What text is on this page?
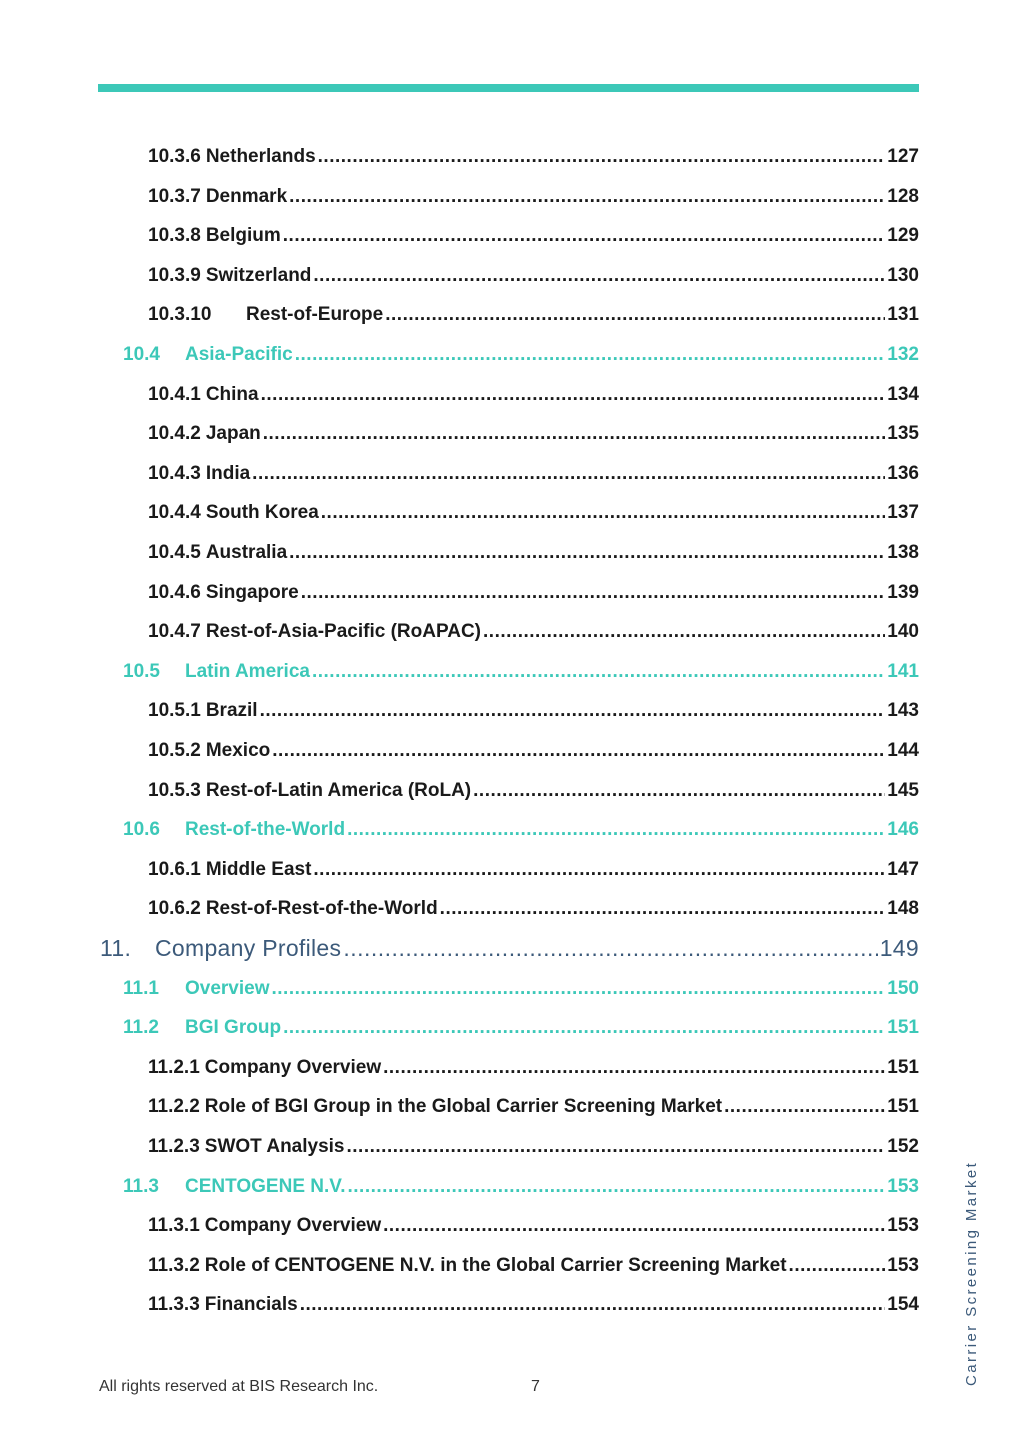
10.3.6 Netherlands .....	127
10.3.7 Denmark .....	128
10.3.8 Belgium .....	129
10.3.9 Switzerland .....	130
10.3.10	Rest-of-Europe .....	131
10.4	Asia-Pacific .....	132
10.4.1 China .....	134
10.4.2 Japan .....	135
10.4.3 India .....	136
10.4.4 South Korea .....	137
10.4.5 Australia .....	138
10.4.6 Singapore .....	139
10.4.7 Rest-of-Asia-Pacific (RoAPAC) .....	140
10.5	Latin America .....	141
10.5.1 Brazil .....	143
10.5.2 Mexico .....	144
10.5.3 Rest-of-Latin America (RoLA) .....	145
10.6	Rest-of-the-World .....	146
10.6.1 Middle East .....	147
10.6.2 Rest-of-Rest-of-the-World .....	148
11.	Company Profiles .....	149
11.1	Overview .....	150
11.2	BGI Group .....	151
11.2.1 Company Overview .....	151
11.2.2 Role of BGI Group in the Global Carrier Screening Market .....	151
11.2.3 SWOT Analysis .....	152
11.3	CENTOGENE N.V. .....	153
11.3.1 Company Overview .....	153
11.3.2 Role of CENTOGENE N.V. in the Global Carrier Screening Market .....	153
11.3.3 Financials .....	154	Carrier Screening Market
All rights reserved at BIS Research Inc.	7
